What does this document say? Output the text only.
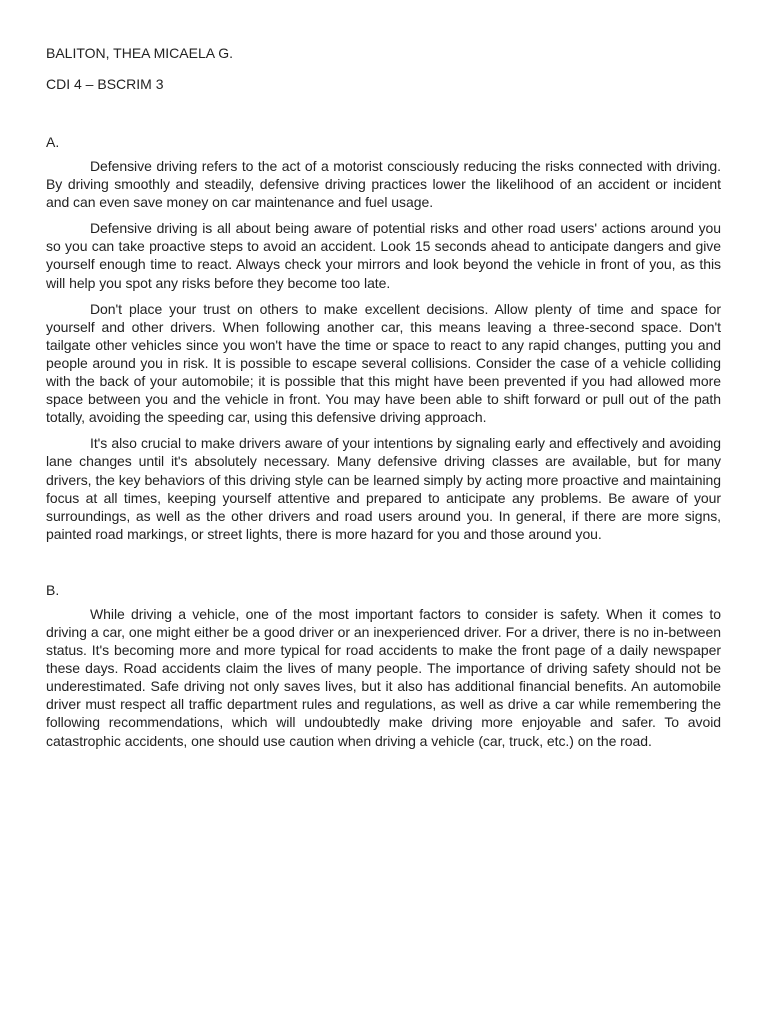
BALITON, THEA MICAELA G.

CDI 4 – BSCRIM 3

A.

Defensive driving refers to the act of a motorist consciously reducing the risks connected with driving. By driving smoothly and steadily, defensive driving practices lower the likelihood of an accident or incident and can even save money on car maintenance and fuel usage.

Defensive driving is all about being aware of potential risks and other road users' actions around you so you can take proactive steps to avoid an accident. Look 15 seconds ahead to anticipate dangers and give yourself enough time to react. Always check your mirrors and look beyond the vehicle in front of you, as this will help you spot any risks before they become too late.

Don't place your trust on others to make excellent decisions. Allow plenty of time and space for yourself and other drivers. When following another car, this means leaving a three-second space. Don't tailgate other vehicles since you won't have the time or space to react to any rapid changes, putting you and people around you in risk. It is possible to escape several collisions. Consider the case of a vehicle colliding with the back of your automobile; it is possible that this might have been prevented if you had allowed more space between you and the vehicle in front. You may have been able to shift forward or pull out of the path totally, avoiding the speeding car, using this defensive driving approach.

It's also crucial to make drivers aware of your intentions by signaling early and effectively and avoiding lane changes until it's absolutely necessary. Many defensive driving classes are available, but for many drivers, the key behaviors of this driving style can be learned simply by acting more proactive and maintaining focus at all times, keeping yourself attentive and prepared to anticipate any problems. Be aware of your surroundings, as well as the other drivers and road users around you. In general, if there are more signs, painted road markings, or street lights, there is more hazard for you and those around you.

B.

While driving a vehicle, one of the most important factors to consider is safety. When it comes to driving a car, one might either be a good driver or an inexperienced driver. For a driver, there is no in-between status. It's becoming more and more typical for road accidents to make the front page of a daily newspaper these days. Road accidents claim the lives of many people. The importance of driving safety should not be underestimated. Safe driving not only saves lives, but it also has additional financial benefits. An automobile driver must respect all traffic department rules and regulations, as well as drive a car while remembering the following recommendations, which will undoubtedly make driving more enjoyable and safer. To avoid catastrophic accidents, one should use caution when driving a vehicle (car, truck, etc.) on the road.
